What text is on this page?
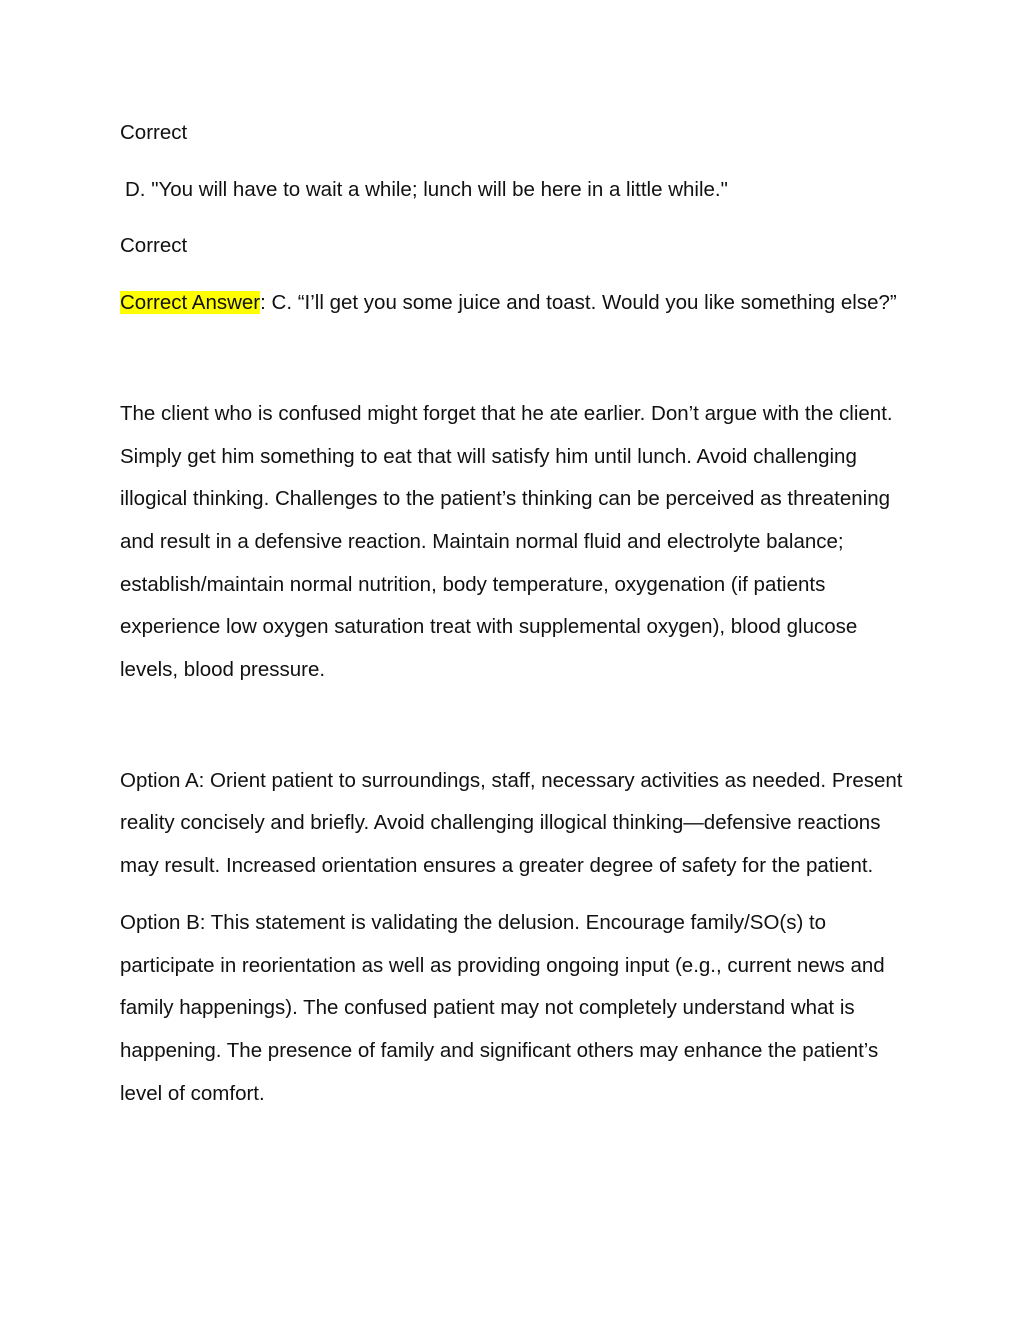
Correct

D. "You will have to wait a while; lunch will be here in a little while."

Correct

Correct Answer: C. “I’ll get you some juice and toast. Would you like something else?”

The client who is confused might forget that he ate earlier. Don’t argue with the client. Simply get him something to eat that will satisfy him until lunch. Avoid challenging illogical thinking. Challenges to the patient’s thinking can be perceived as threatening and result in a defensive reaction. Maintain normal fluid and electrolyte balance; establish/maintain normal nutrition, body temperature, oxygenation (if patients experience low oxygen saturation treat with supplemental oxygen), blood glucose levels, blood pressure.

Option A: Orient patient to surroundings, staff, necessary activities as needed. Present reality concisely and briefly. Avoid challenging illogical thinking—defensive reactions may result. Increased orientation ensures a greater degree of safety for the patient.

Option B: This statement is validating the delusion. Encourage family/SO(s) to participate in reorientation as well as providing ongoing input (e.g., current news and family happenings). The confused patient may not completely understand what is happening. The presence of family and significant others may enhance the patient’s level of comfort.
